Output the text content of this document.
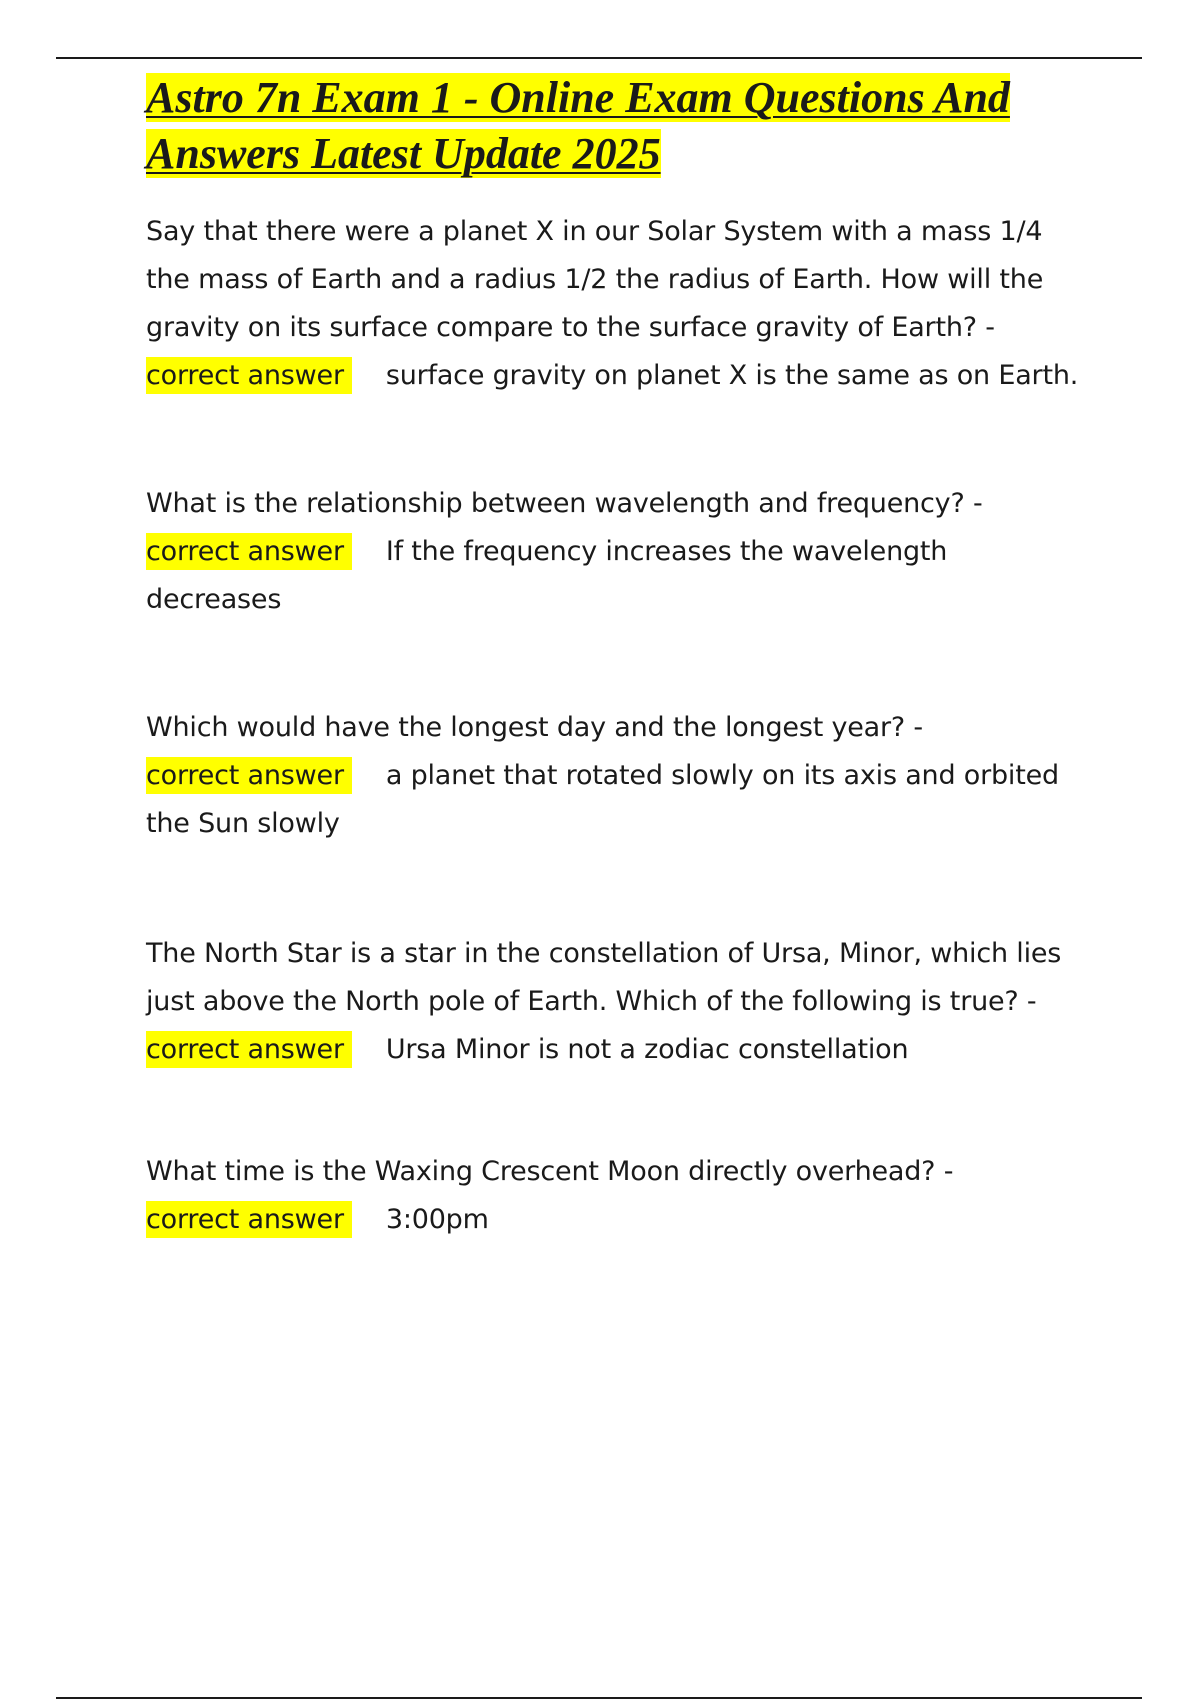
Astro 7n Exam 1 - Online Exam Questions And Answers Latest Update 2025
Say that there were a planet X in our Solar System with a mass 1/4 the mass of Earth and a radius 1/2 the radius of Earth. How will the gravity on its surface compare to the surface gravity of Earth? -
correct answer surface gravity on planet X is the same as on Earth.
What is the relationship between wavelength and frequency? -
correct answer If the frequency increases the wavelength decreases
Which would have the longest day and the longest year? -
correct answer a planet that rotated slowly on its axis and orbited the Sun slowly
The North Star is a star in the constellation of Ursa, Minor, which lies just above the North pole of Earth. Which of the following is true? -
correct answer Ursa Minor is not a zodiac constellation
What time is the Waxing Crescent Moon directly overhead? -
correct answer 3:00pm
